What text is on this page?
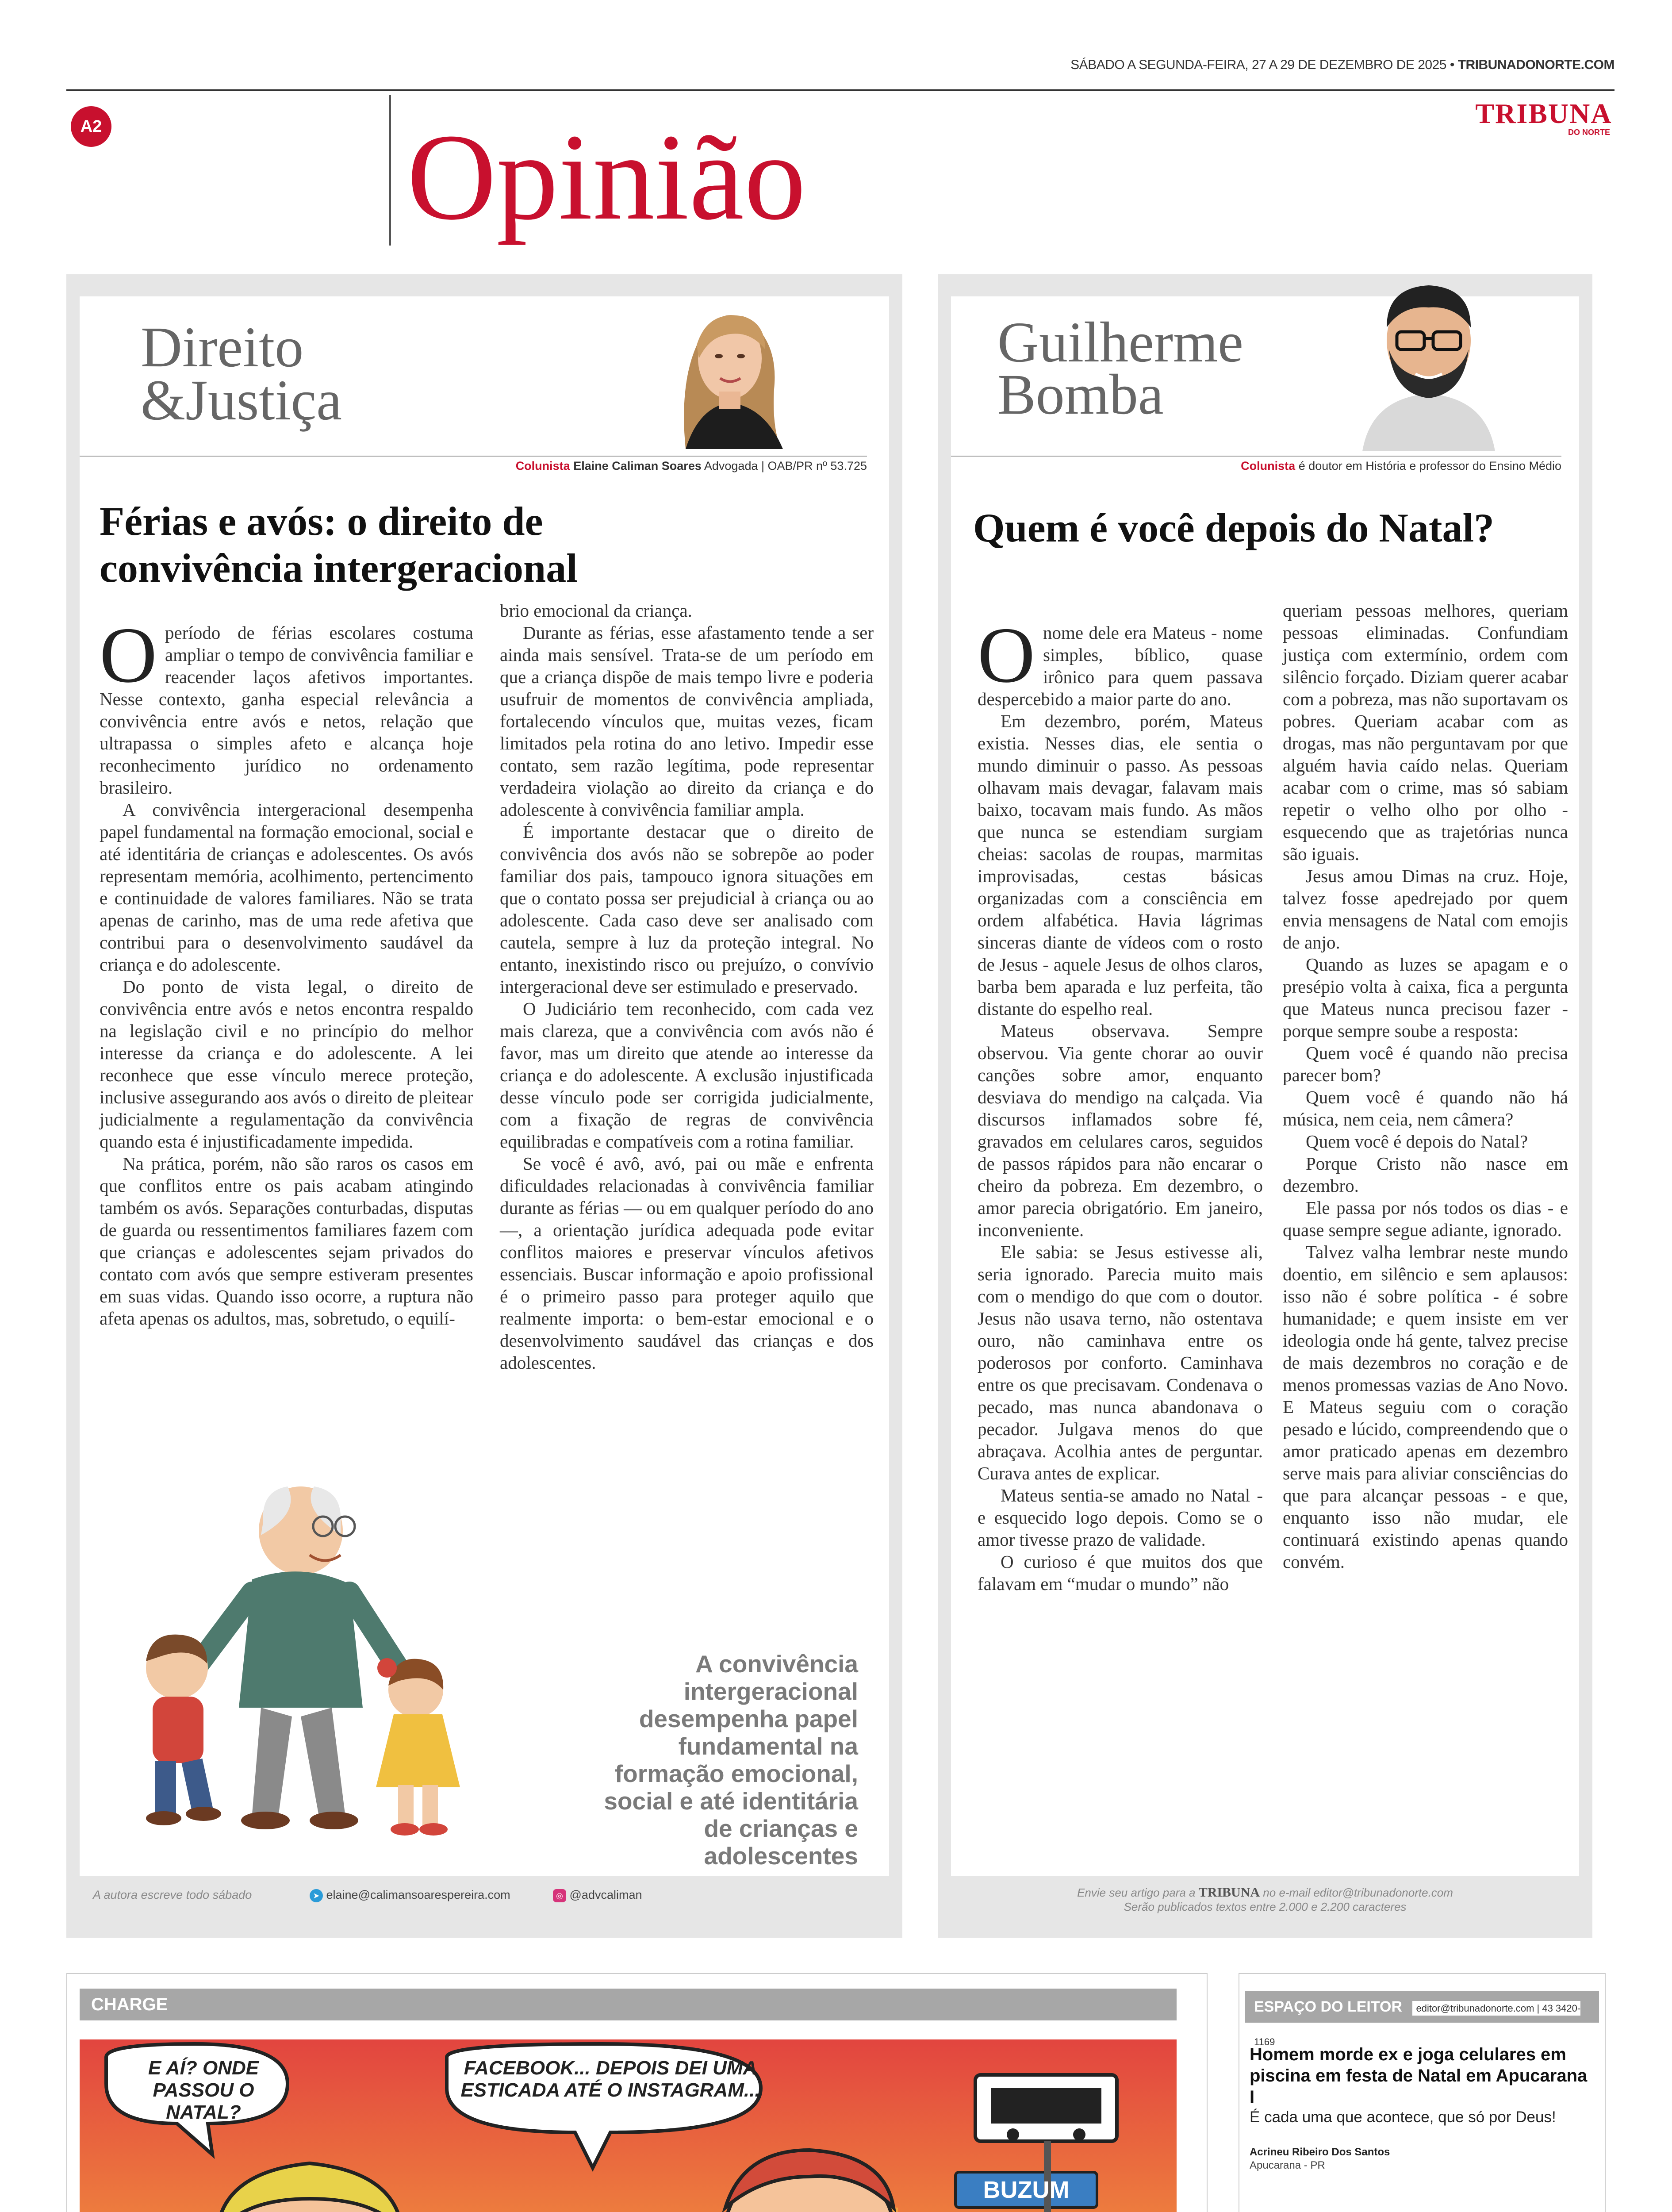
SÁBADO A SEGUNDA-FEIRA, 27 A 29 DE DEZEMBRO DE 2025 • TRIBUNADONORTE.COM
A2 Opinião	TRIBUNA
DO NORTE
Direito
&Justiça
Colunista Elaine Caliman Soares Advogada | OAB/PR nº 53.725
Férias e avós: o direito de
convivência intergeracional
O período de férias escolares costuma ampliar o tempo de convivência familiar e reacender laços afetivos importantes. Nesse contexto, ganha especial relevância a convivência entre avós e netos, relação que ultrapassa o simples afeto e alcança hoje reconhecimento jurídico no ordenamento brasileiro.

A convivência intergeracional desempenha papel fundamental na formação emocional, social e até identitária de crianças e adolescentes. Os avós representam memória, acolhimento, pertencimento e continuidade de valores familiares. Não se trata apenas de carinho, mas de uma rede afetiva que contribui para o desenvolvimento saudável da criança e do adolescente.

Do ponto de vista legal, o direito de convivência entre avós e netos encontra respaldo na legislação civil e no princípio do melhor interesse da criança e do adolescente. A lei reconhece que esse vínculo merece proteção, inclusive assegurando aos avós o direito de pleitear judicialmente a regulamentação da convivência quando esta é injustificadamente impedida.

Na prática, porém, não são raros os casos em que conflitos entre os pais acabam atingindo também os avós. Separações conturbadas, disputas de guarda ou ressentimentos familiares fazem com que crianças e adolescentes sejam privados do contato com avós que sempre estiveram presentes em suas vidas. Quando isso ocorre, a ruptura não afeta apenas os adultos, mas, sobretudo, o equilí-

brio emocional da criança.

Durante as férias, esse afastamento tende a ser ainda mais sensível. Trata-se de um período em que a criança dispõe de mais tempo livre e poderia usufruir de momentos de convivência ampliada, fortalecendo vínculos que, muitas vezes, ficam limitados pela rotina do ano letivo. Impedir esse contato, sem razão legítima, pode representar verdadeira violação ao direito da criança e do adolescente à convivência familiar ampla.

É importante destacar que o direito de convivência dos avós não se sobrepõe ao poder familiar dos pais, tampouco ignora situações em que o contato possa ser prejudicial à criança ou ao adolescente. Cada caso deve ser analisado com cautela, sempre à luz da proteção integral. No entanto, inexistindo risco ou prejuízo, o convívio intergeracional deve ser estimulado e preservado.

O Judiciário tem reconhecido, com cada vez mais clareza, que a convivência com avós não é favor, mas um direito que atende ao interesse da criança e do adolescente. A exclusão injustificada desse vínculo pode ser corrigida judicialmente, com a fixação de regras de convivência equilibradas e compatíveis com a rotina familiar.

Se você é avô, avó, pai ou mãe e enfrenta dificuldades relacionadas à convivência familiar durante as férias — ou em qualquer período do ano —, a orientação jurídica adequada pode evitar conflitos maiores e preservar vínculos afetivos essenciais. Buscar informação e apoio profissional é o primeiro passo para proteger aquilo que realmente importa: o bem-estar emocional e o desenvolvimento saudável das crianças e dos adolescentes.

A convivência intergeracional desempenha papel fundamental na formação emocional, social e até identitária de crianças e adolescentes
A autora escreve todo sábado	➤ elaine@calimansoarespereira.com	◎ @advcaliman
Guilherme
Bomba
Colunista é doutor em História e professor do Ensino Médio
Quem é você depois do Natal?
O nome dele era Mateus - nome simples, bíblico, quase irônico para quem passava despercebido a maior parte do ano.

Em dezembro, porém, Mateus existia. Nesses dias, ele sentia o mundo diminuir o passo. As pessoas olhavam mais devagar, falavam mais baixo, tocavam mais fundo. As mãos que nunca se estendiam surgiam cheias: sacolas de roupas, marmitas improvisadas, cestas básicas organizadas com a consciência em ordem alfabética. Havia lágrimas sinceras diante de vídeos com o rosto de Jesus - aquele Jesus de olhos claros, barba bem aparada e luz perfeita, tão distante do espelho real.

Mateus observava. Sempre observou. Via gente chorar ao ouvir canções sobre amor, enquanto desviava do mendigo na calçada. Via discursos inflamados sobre fé, gravados em celulares caros, seguidos de passos rápidos para não encarar o cheiro da pobreza. Em dezembro, o amor parecia obrigatório. Em janeiro, inconveniente.

Ele sabia: se Jesus estivesse ali, seria ignorado. Parecia muito mais com o mendigo do que com o doutor. Jesus não usava terno, não ostentava ouro, não caminhava entre os poderosos por conforto. Caminhava entre os que precisavam. Condenava o pecado, mas nunca abandonava o pecador. Julgava menos do que abraçava. Acolhia antes de perguntar. Curava antes de explicar.

Mateus sentia-se amado no Natal - e esquecido logo depois. Como se o amor tivesse prazo de validade.

O curioso é que muitos dos que falavam em “mudar o mundo” não

queriam pessoas melhores, queriam pessoas eliminadas. Confundiam justiça com extermínio, ordem com silêncio forçado. Diziam querer acabar com a pobreza, mas não suportavam os pobres. Queriam acabar com as drogas, mas não perguntavam por que alguém havia caído nelas. Queriam acabar com o crime, mas só sabiam repetir o velho olho por olho - esquecendo que as trajetórias nunca são iguais.

Jesus amou Dimas na cruz. Hoje, talvez fosse apedrejado por quem envia mensagens de Natal com emojis de anjo.

Quando as luzes se apagam e o presépio volta à caixa, fica a pergunta que Mateus nunca precisou fazer - porque sempre soube a resposta:

Quem você é quando não precisa parecer bom?

Quem você é quando não há música, nem ceia, nem câmera?

Quem você é depois do Natal?

Porque Cristo não nasce em dezembro.

Ele passa por nós todos os dias - e quase sempre segue adiante, ignorado.

Talvez valha lembrar neste mundo doentio, em silêncio e sem aplausos: isso não é sobre política - é sobre humanidade; e quem insiste em ver ideologia onde há gente, talvez precise de mais dezembros no coração e de menos promessas vazias de Ano Novo. E Mateus seguiu com o coração pesado e lúcido, compreendendo que o amor praticado apenas em dezembro serve mais para aliviar consciências do que para alcançar pessoas - e que, enquanto isso não mudar, ele continuará existindo apenas quando convém.

Envie seu artigo para a TRIBUNA no e-mail editor@tribunadonorte.com
Serão publicados textos entre 2.000 e 2.200 caracteres
CHARGE
E AÍ? ONDE PASSOU O NATAL?
FACEBOOK... DEPOIS DEI UMA ESTICADA ATÉ O INSTAGRAM...
BUZUM
ESPAÇO DO LEITOR editor@tribunadonorte.com | 43 3420-1169
Homem morde ex e joga celulares em piscina em festa de Natal em Apucarana I
É cada uma que acontece, que só por Deus!
Acrineu Ribeiro Dos Santos
Apucarana - PR
